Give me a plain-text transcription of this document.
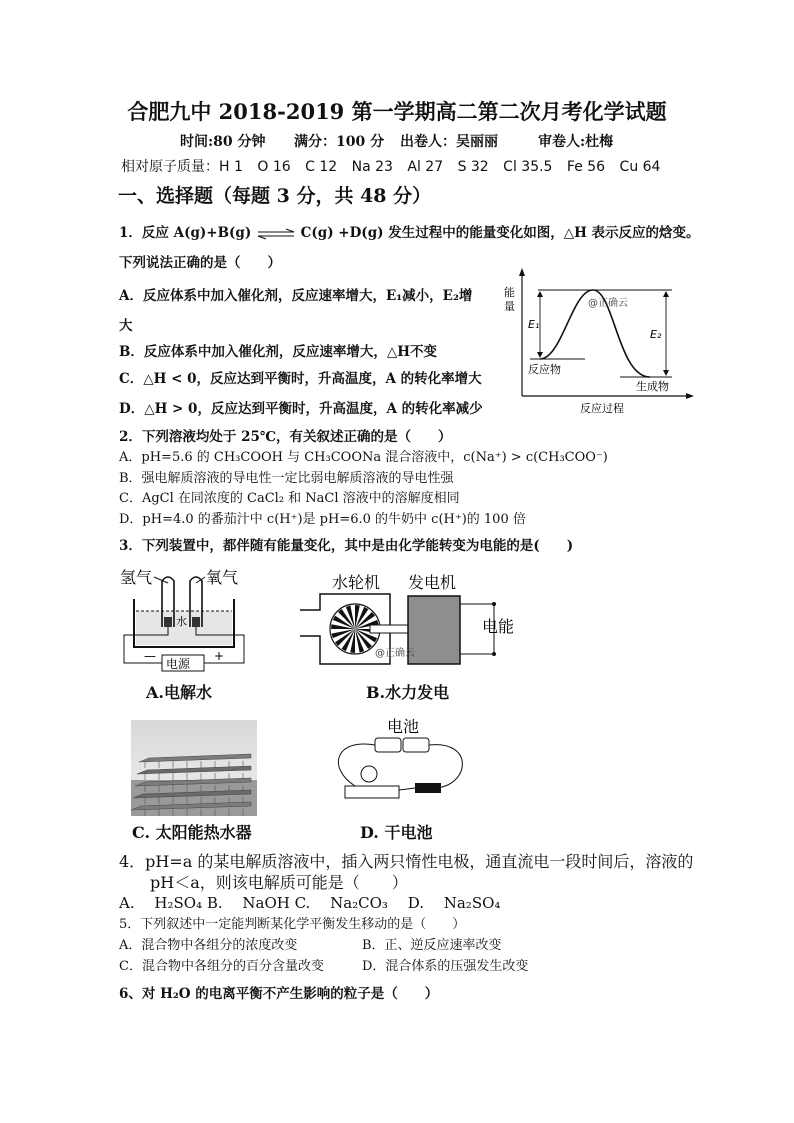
合肥九中 2018-2019 第一学期高二第二次月考化学试题
时间:80 分钟 满分：100 分 出卷人：吴丽丽	审卷人:杜梅
相对原子质量：H 1 O 16 C 12 Na 23 Al 27 S 32 Cl 35.5 Fe 56 Cu 64
一、选择题（每题 3 分，共 48 分）
1．反应 A(g)+B(g) ⇌ C(g) +D(g) 发生过程中的能量变化如图，△H 表示反应的焓变。
下列说法正确的是（　　）
A．反应体系中加入催化剂，反应速率增大，E₁减小，E₂增
大
B．反应体系中加入催化剂，反应速率增大，△H不变
C．△H < 0，反应达到平衡时，升高温度，A 的转化率增大
D．△H > 0，反应达到平衡时，升高温度，A 的转化率减少
能
量
E₁
E₂
@正确云
反应物
生成物
反应过程
2．下列溶液均处于 25℃，有关叙述正确的是（　　）
A．pH=5.6 的 CH₃COOH 与 CH₃COONa 混合溶液中，c(Na⁺) > c(CH₃COO⁻)
B．强电解质溶液的导电性一定比弱电解质溶液的导电性强
C．AgCl 在同浓度的 CaCl₂ 和 NaCl 溶液中的溶解度相同
D．pH=4.0 的番茄汁中 c(H⁺)是 pH=6.0 的牛奶中 c(H⁺)的 100 倍
3．下列装置中，都伴随有能量变化，其中是由化学能转变为电能的是(　　)
氢气	氧气
水
电源
—	+
A.电解水
水轮机 发电机
电能
@正确云
B.水力发电
C. 太阳能热水器
电池
D. 干电池
4．pH=a 的某电解质溶液中，插入两只惰性电极，通直流电一段时间后，溶液的
pH＜a，则该电解质可能是（　　）
A.　 H₂SO₄ B.　 NaOH C.　 Na₂CO₃　 D.　 Na₂SO₄
5．下列叙述中一定能判断某化学平衡发生移动的是（　　）
A．混合物中各组分的浓度改变	B．正、逆反应速率改变
C．混合物中各组分的百分含量改变	D．混合体系的压强发生改变
6、对 H₂O 的电离平衡不产生影响的粒子是（　　）
